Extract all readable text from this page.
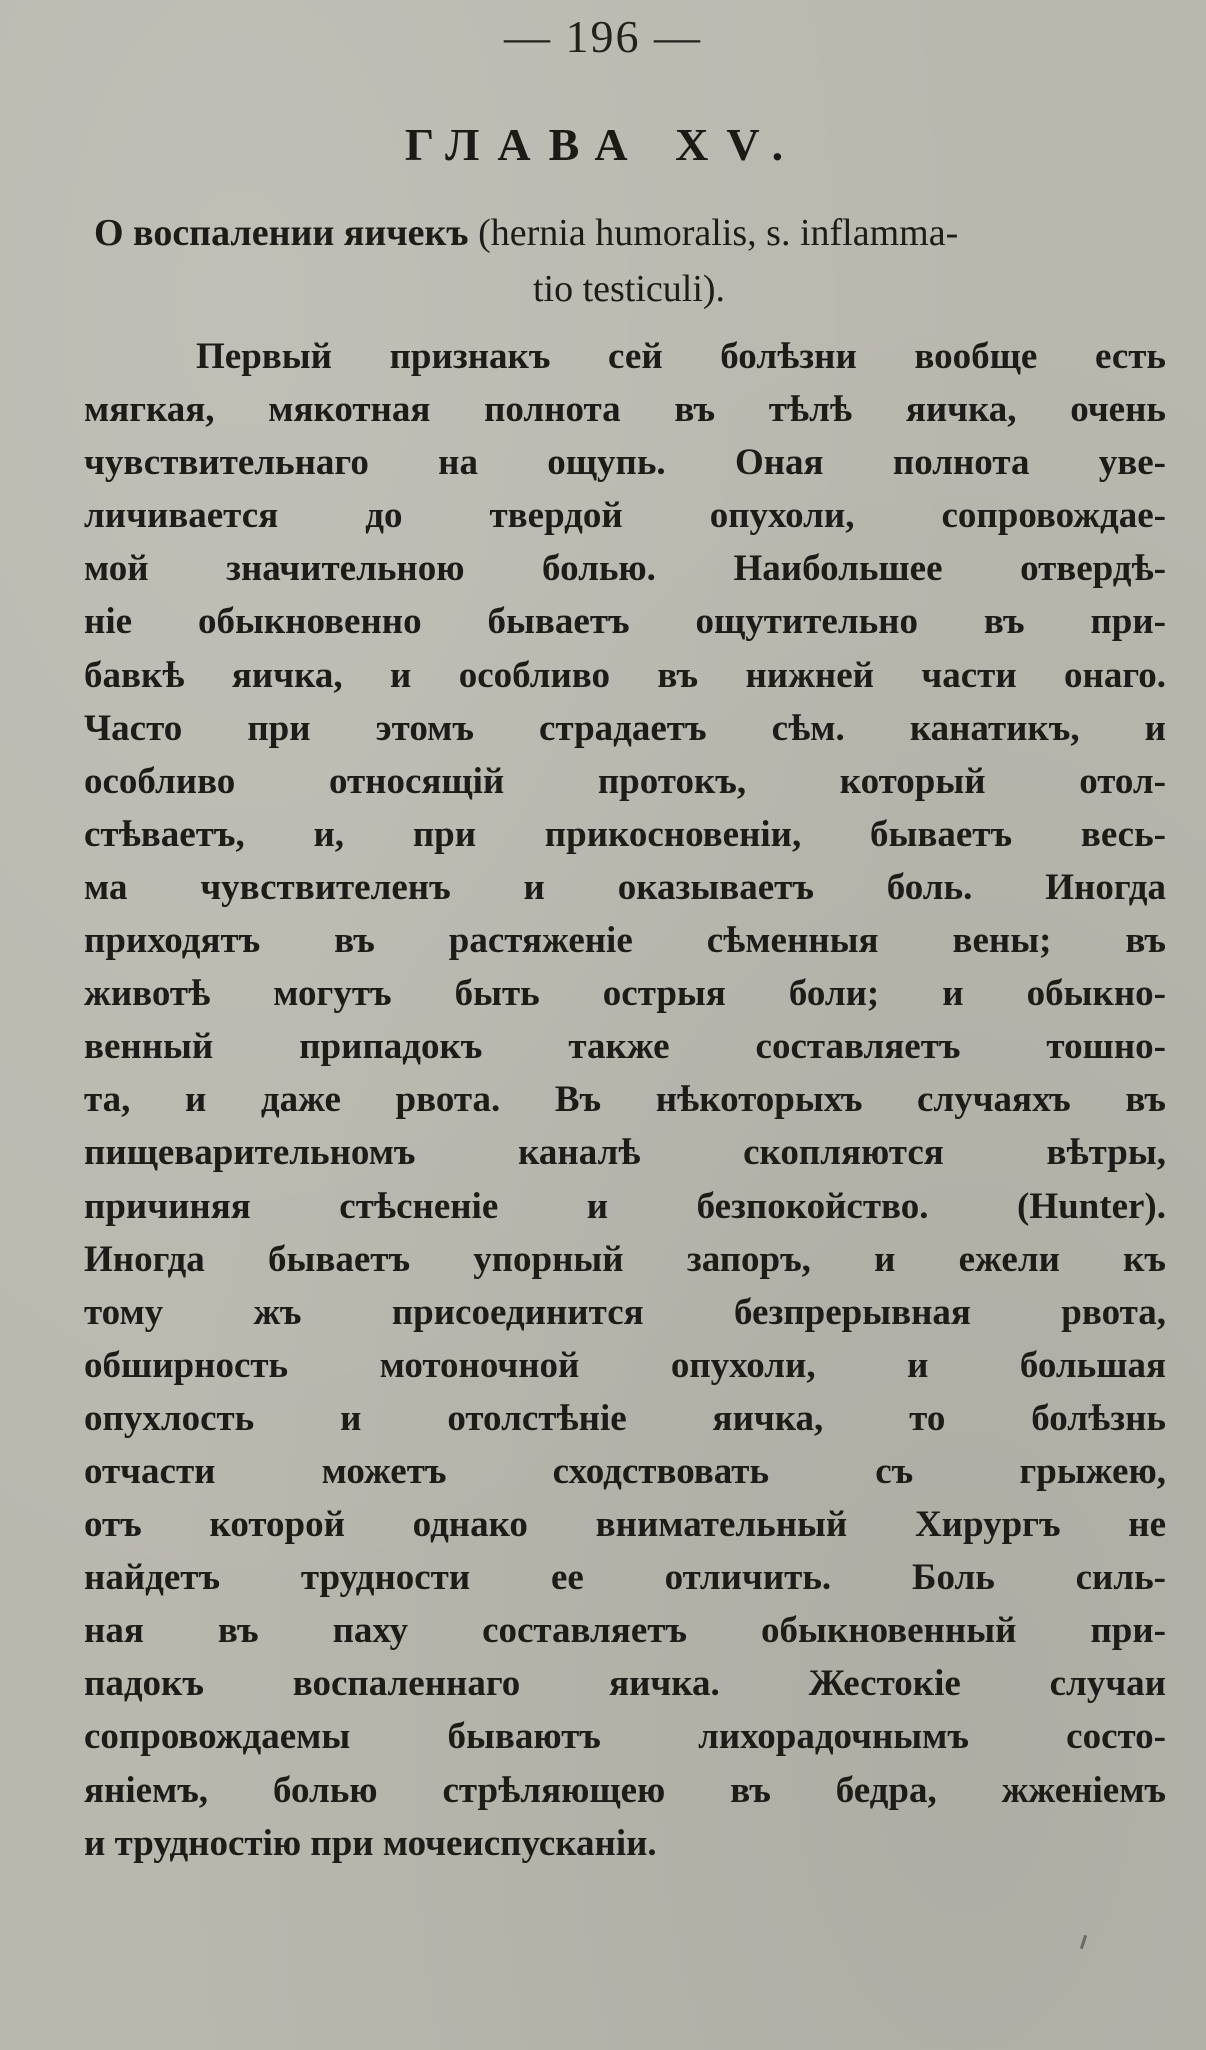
— 196 —
ГЛАВА XV.
О воспалении яичекъ (hernia humoralis, s. inflamma-
tio testiculi).
Первый признакъ сей болѣзни вообще есть
мягкая, мякотная полнота въ тѣлѣ яичка, очень
чувствительнаго на ощупь. Оная полнота уве-
личивается до твердой опухоли, сопровождае-
мой значительною болью. Наибольшее отвердѣ-
нiе обыкновенно бываетъ ощутительно въ при-
бавкѣ яичка, и особливо въ нижней части онаго.
Часто при этомъ страдаетъ сѣм. канатикъ, и
особливо относящiй протокъ, который отол-
стѣваетъ, и, при прикосновенiи, бываетъ весь-
ма чувствителенъ и оказываетъ боль. Иногда
приходятъ въ растяженiе сѣменныя вены; въ
животѣ могутъ быть острыя боли; и обыкно-
венный припадокъ также составляетъ тошно-
та, и даже рвота. Въ нѣкоторыхъ случаяхъ въ
пищеварительномъ каналѣ скопляются вѣтры,
причиняя стѣсненiе и безпокойство. (Hunter).
Иногда бываетъ упорный запоръ, и ежели къ
тому жъ присоединится безпрерывная рвота,
обширность мотоночной опухоли, и большая
опухлость и отолстѣнiе яичка, то болѣзнь
отчасти можетъ сходствовать съ грыжею,
отъ которой однако внимательный Хирургъ не
найдетъ трудности ее отличить. Боль силь-
ная въ паху составляетъ обыкновенный при-
падокъ воспаленнаго яичка. Жестокiе случаи
сопровождаемы бываютъ лихорадочнымъ состо-
янiемъ, болью стрѣляющею въ бедра, жженiемъ
и трудностiю при мочеиспусканiи.
